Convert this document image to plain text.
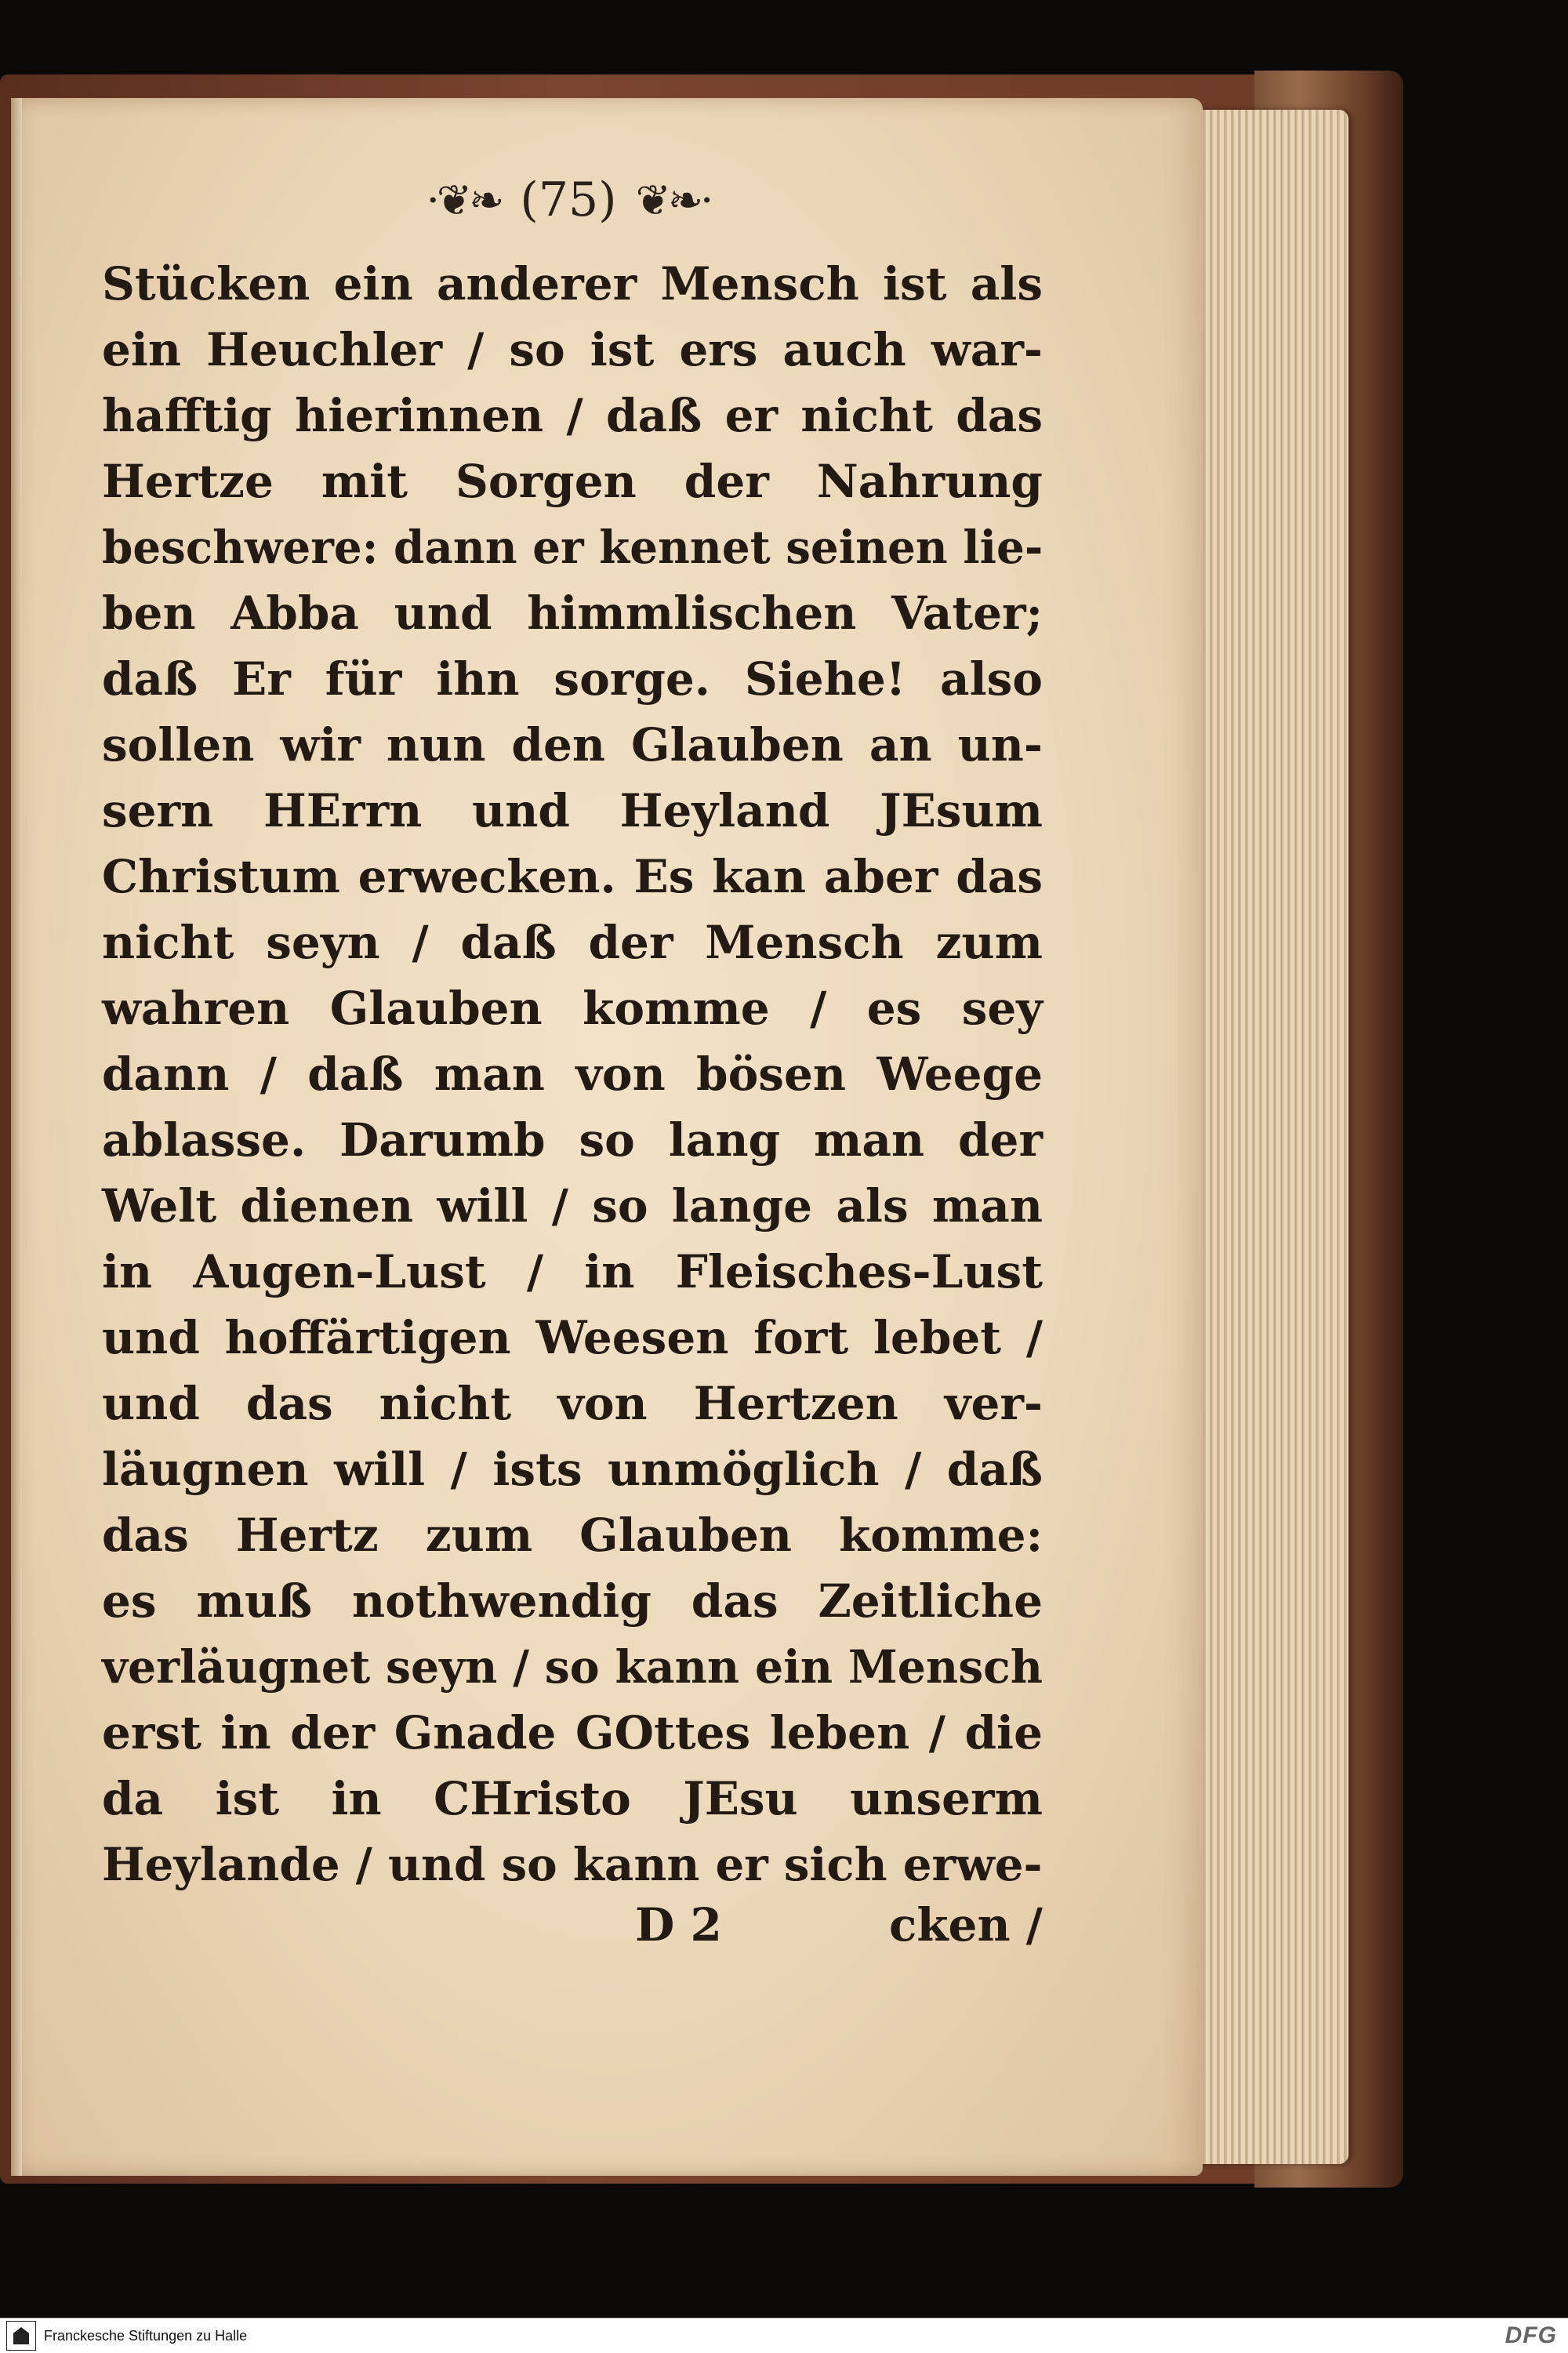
·❦❧ (75) ❦❧·
Stücken ein anderer Mensch ist als
ein Heuchler / so ist ers auch war-
hafftig hierinnen / daß er nicht das
Hertze mit Sorgen der Nahrung
beschwere: dann er kennet seinen lie-
ben Abba und himmlischen Vater;
daß Er für ihn sorge. Siehe! also
sollen wir nun den Glauben an un-
sern HErrn und Heyland JEsum
Christum erwecken. Es kan aber das
nicht seyn / daß der Mensch zum
wahren Glauben komme / es sey
dann / daß man von bösen Weege
ablasse. Darumb so lang man der
Welt dienen will / so lange als man
in Augen-Lust / in Fleisches-Lust
und hoffärtigen Weesen fort lebet /
und das nicht von Hertzen ver-
läugnen will / ists unmöglich / daß
das Hertz zum Glauben komme:
es muß nothwendig das Zeitliche
verläugnet seyn / so kann ein Mensch
erst in der Gnade GOttes leben / die
da ist in CHristo JEsu unserm
Heylande / und so kann er sich erwe-
D 2	cken /
Franckesche Stiftungen zu Halle	DFG
